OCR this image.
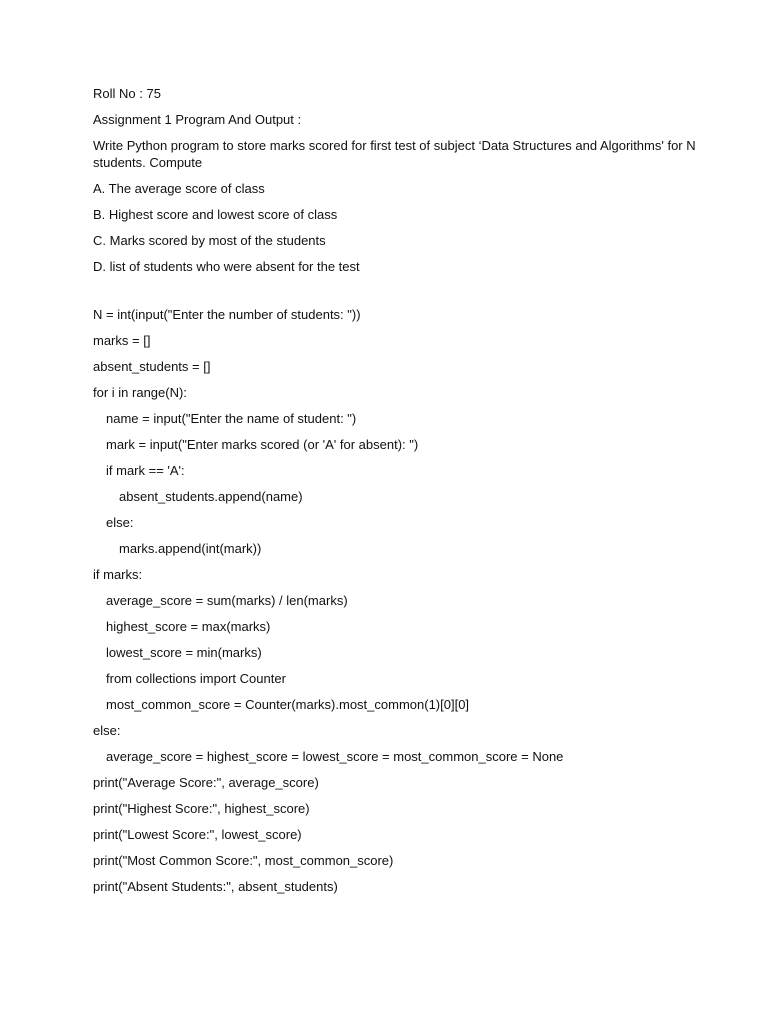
Roll No : 75
Assignment 1 Program And Output :
Write Python program to store marks scored for first test of subject ‘Data Structures and Algorithms' for N students. Compute
A. The average score of class
B. Highest score and lowest score of class
C. Marks scored by most of the students
D. list of students who were absent for the test
N = int(input("Enter the number of students: "))
marks = []
absent_students = []
for i in range(N):
name = input("Enter the name of student: ")
mark = input("Enter marks scored (or 'A' for absent): ")
if mark == 'A':
absent_students.append(name)
else:
marks.append(int(mark))
if marks:
average_score = sum(marks) / len(marks)
highest_score = max(marks)
lowest_score = min(marks)
from collections import Counter
most_common_score = Counter(marks).most_common(1)[0][0]
else:
average_score = highest_score = lowest_score = most_common_score = None
print("Average Score:", average_score)
print("Highest Score:", highest_score)
print("Lowest Score:", lowest_score)
print("Most Common Score:", most_common_score)
print("Absent Students:", absent_students)
